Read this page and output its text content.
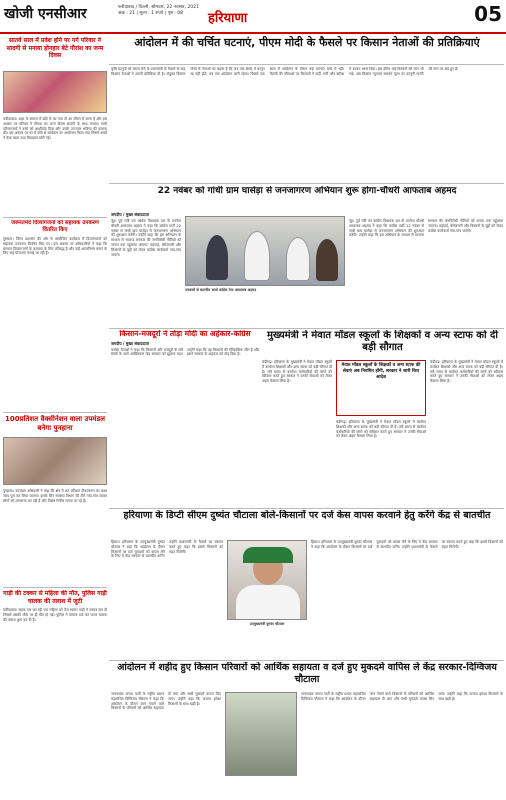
खोजी एनसीआर	फरीदाबाद / दिल्ली, सोमवार, 22 नवम्बर, 2021
अंक : 21 | मूल्य : 1 रुपये | पृष्ठ : 08	हरियाणा	05
सातवें साल में प्रवेश होने पर गर्ग परिवार ने सादगी से मनाया होनहार बेटे गौरांश का जन्म दिवस
फरीदाबाद। शहर के समाज में छोटे से का नाम तो आ जीवन में जाना है और इस अवसर पर परिवार ने गौरांश का जन्म दिवस सादगी के साथ मनाया। सभी परिवारजनों ने बच्चे को आशीर्वाद दिया और उसके उज्ज्वल भविष्य की कामना की। इस अवसर पर घर में छोटे से कार्यक्रम का आयोजन किया गया जिसमें बच्चों ने केक काटा तथा मिठाइयां बांटी गईं।
आंदोलन में की चर्चित घटनाएं, पीएम मोदी के फैसले पर किसान नेताओं की प्रतिक्रियाएं
कृषि कानूनों को वापस लेने के प्रधानमंत्री के फैसले के बाद किसान नेताओं ने अपनी प्रतिक्रिया दी है। संयुक्त किसान मोर्चा के नेताओं का कहना है कि जब तक संसद में कानून रद्द नहीं होते, तब तक आंदोलन जारी रहेगा। पिछले एक साल में आंदोलन के दौरान कई घटनाएं चर्चा में रहीं। दिल्ली की सीमाओं पर किसानों ने सर्दी, गर्मी और बारिश में डटकर धरना दिया। इस दौरान कई किसानों की जान भी गई। अब किसान न्यूनतम समर्थन मूल्य पर कानूनी गारंटी की मांग पर अड़े हुए हैं।
22 नवंबर को गांधी ग्राम घासेड़ा से जनजागरण अभियान शुरू होगा-चौधरी आफताब अहमद
जगदीप / मुख्य संवाददाता
नूंह। पूर्व मंत्री एवं कांग्रेस विधायक दल के उपनेता चौधरी आफताब अहमद ने कहा कि कांग्रेस पार्टी 22 नवंबर से गांधी ग्राम घासेड़ा से जनजागरण अभियान की शुरुआत करेगी। उन्होंने कहा कि इस अभियान के माध्यम से भाजपा सरकार की जनविरोधी नीतियों को जनता तक पहुंचाया जाएगा। महंगाई, बेरोजगारी और किसानों के मुद्दों को लेकर कांग्रेस कार्यकर्ता गांव-गांव जाएंगे।
पत्रकारों से बातचीत करते कांग्रेस नेता आफताब अहमद
नूंह। पूर्व मंत्री एवं कांग्रेस विधायक दल के उपनेता चौधरी आफताब अहमद ने कहा कि कांग्रेस पार्टी 22 नवंबर से गांधी ग्राम घासेड़ा से जनजागरण अभियान की शुरुआत करेगी। उन्होंने कहा कि इस अभियान के माध्यम से भाजपा सरकार की जनविरोधी नीतियों को जनता तक पहुंचाया जाएगा। महंगाई, बेरोजगारी और किसानों के मुद्दों को लेकर कांग्रेस कार्यकर्ता गांव-गांव जाएंगे।
जरूरतमंद दिव्यांगजनों को सहायक उपकरण वितरित किए
गुरुग्राम। जिला प्रशासन की ओर से आयोजित कार्यक्रम में दिव्यांगजनों को सहायक उपकरण वितरित किए गए। इस अवसर पर अधिकारियों ने कहा कि सरकार दिव्यांगजनों के कल्याण के लिए प्रतिबद्ध है और उन्हें आत्मनिर्भर बनाने के लिए कई योजनाएं चलाई जा रही हैं।
100प्रतिशत वैक्सीनेशन वाला उपमंडल बनेगा पुनहाना
पुनहाना। उपमंडल अधिकारी ने कहा कि क्षेत्र में शत प्रतिशत टीकाकरण का लक्ष्य जल्द पूरा कर लिया जाएगा। इसके लिए स्वास्थ्य विभाग की टीमें गांव-गांव जाकर लोगों को जागरूक कर रही हैं और विशेष शिविर लगाए जा रहे हैं।
किसान-मजदूरों ने तोड़ा मोदी का अहंकार-कांग्रेस
जगदीप / मुख्य संवाददाता
कांग्रेस नेताओं ने कहा कि किसानों और मजदूरों के लंबे संघर्ष के आगे आखिरकार केंद्र सरकार को झुकना पड़ा। उन्होंने कहा कि यह किसानों की ऐतिहासिक जीत है और इसने सरकार के अहंकार को तोड़ दिया है।
मुख्यमंत्री ने मेवात मॉडल स्कूलों के शिक्षकों व अन्य स्टाफ को दी बड़ी सौगात
चंडीगढ़। हरियाणा के मुख्यमंत्री ने मेवात मॉडल स्कूलों में कार्यरत शिक्षकों और अन्य स्टाफ को बड़ी सौगात दी है। लंबे समय से कार्यरत कर्मचारियों की मांगों को स्वीकार करते हुए सरकार ने उनकी सेवाओं को लेकर अहम फैसला लिया है।
मेवात मॉडल स्कूलों के शिक्षकों व अन्य स्टाफ की सेवाएं अब नियमित होंगी, सरकार ने जारी किए आदेश
चंडीगढ़। हरियाणा के मुख्यमंत्री ने मेवात मॉडल स्कूलों में कार्यरत शिक्षकों और अन्य स्टाफ को बड़ी सौगात दी है। लंबे समय से कार्यरत कर्मचारियों की मांगों को स्वीकार करते हुए सरकार ने उनकी सेवाओं को लेकर अहम फैसला लिया है।
चंडीगढ़। हरियाणा के मुख्यमंत्री ने मेवात मॉडल स्कूलों में कार्यरत शिक्षकों और अन्य स्टाफ को बड़ी सौगात दी है। लंबे समय से कार्यरत कर्मचारियों की मांगों को स्वीकार करते हुए सरकार ने उनकी सेवाओं को लेकर अहम फैसला लिया है।
हरियाणा के डिप्टी सीएम दुष्यंत चौटाला बोले-किसानों पर दर्ज केस वापस करवाने हेतु करेंगे केंद्र से बातचीत
हिसार। हरियाणा के उपमुख्यमंत्री दुष्यंत चौटाला ने कहा कि आंदोलन के दौरान किसानों पर दर्ज मुकदमों को वापस लेने के लिए वे केंद्र सरकार से बातचीत करेंगे। उन्होंने प्रधानमंत्री के फैसले का स्वागत करते हुए कहा कि इससे किसानों को राहत मिलेगी।
उपमुख्यमंत्री दुष्यंत चौटाला
हिसार। हरियाणा के उपमुख्यमंत्री दुष्यंत चौटाला ने कहा कि आंदोलन के दौरान किसानों पर दर्ज मुकदमों को वापस लेने के लिए वे केंद्र सरकार से बातचीत करेंगे। उन्होंने प्रधानमंत्री के फैसले का स्वागत करते हुए कहा कि इससे किसानों को राहत मिलेगी।
गाड़ी की टक्कर से महिला की मौत, पुलिस गाड़ी चालक की तलाश में जुटी
फरीदाबाद। सड़क पार कर रही एक महिला को तेज रफ्तार गाड़ी ने टक्कर मार दी जिससे उसकी मौके पर ही मौत हो गई। पुलिस ने मामला दर्ज कर फरार चालक की तलाश शुरू कर दी है।
आंदोलन में शहीद हुए किसान परिवारों को आर्थिक सहायता व दर्ज हुए मुकदमे वापिस ले केंद्र सरकार-दिग्विजय चौटाला
जननायक जनता पार्टी के राष्ट्रीय प्रधान महासचिव दिग्विजय चौटाला ने कहा कि आंदोलन के दौरान जान गंवाने वाले किसानों के परिवारों को आर्थिक सहायता दी जाए और सभी मुकदमे वापस लिए जाएं। उन्होंने कहा कि जजपा हमेशा किसानों के साथ खड़ी है।
जननायक जनता पार्टी के राष्ट्रीय प्रधान महासचिव दिग्विजय चौटाला ने कहा कि आंदोलन के दौरान जान गंवाने वाले किसानों के परिवारों को आर्थिक सहायता दी जाए और सभी मुकदमे वापस लिए जाएं। उन्होंने कहा कि जजपा हमेशा किसानों के साथ खड़ी है।
